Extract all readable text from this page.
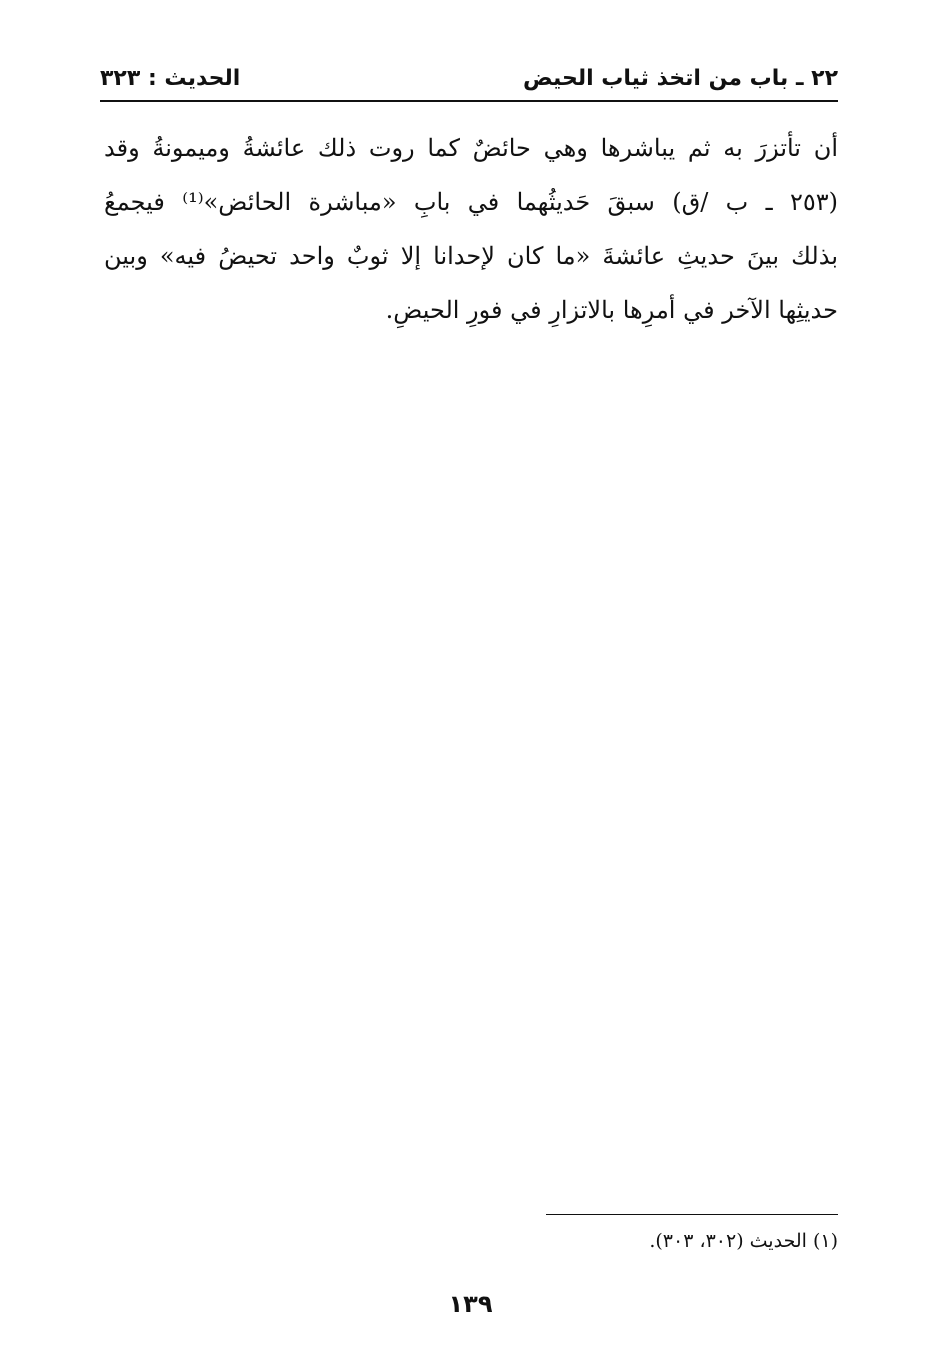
٢٢ ـ باب من اتخذ ثياب الحيض
الحديث : ٣٢٣
أن تأتزرَ به ثم يباشرها وهي حائضٌ كما روت ذلك عائشةُ وميمونةُ وقد
(٢٥٣ ـ ب /ق) سبقَ حَديثُهما في بابِ «مباشرة الحائض»⁽¹⁾ فيجمعُ
بذلك بينَ حديثِ عائشةَ «ما كان لإحدانا إلا ثوبٌ واحد تحيضُ فيه» وبين
حديثِها الآخر في أمرِها بالاتزارِ في فورِ الحيضِ.
(١) الحديث (٣٠٢، ٣٠٣).
١٣٩
